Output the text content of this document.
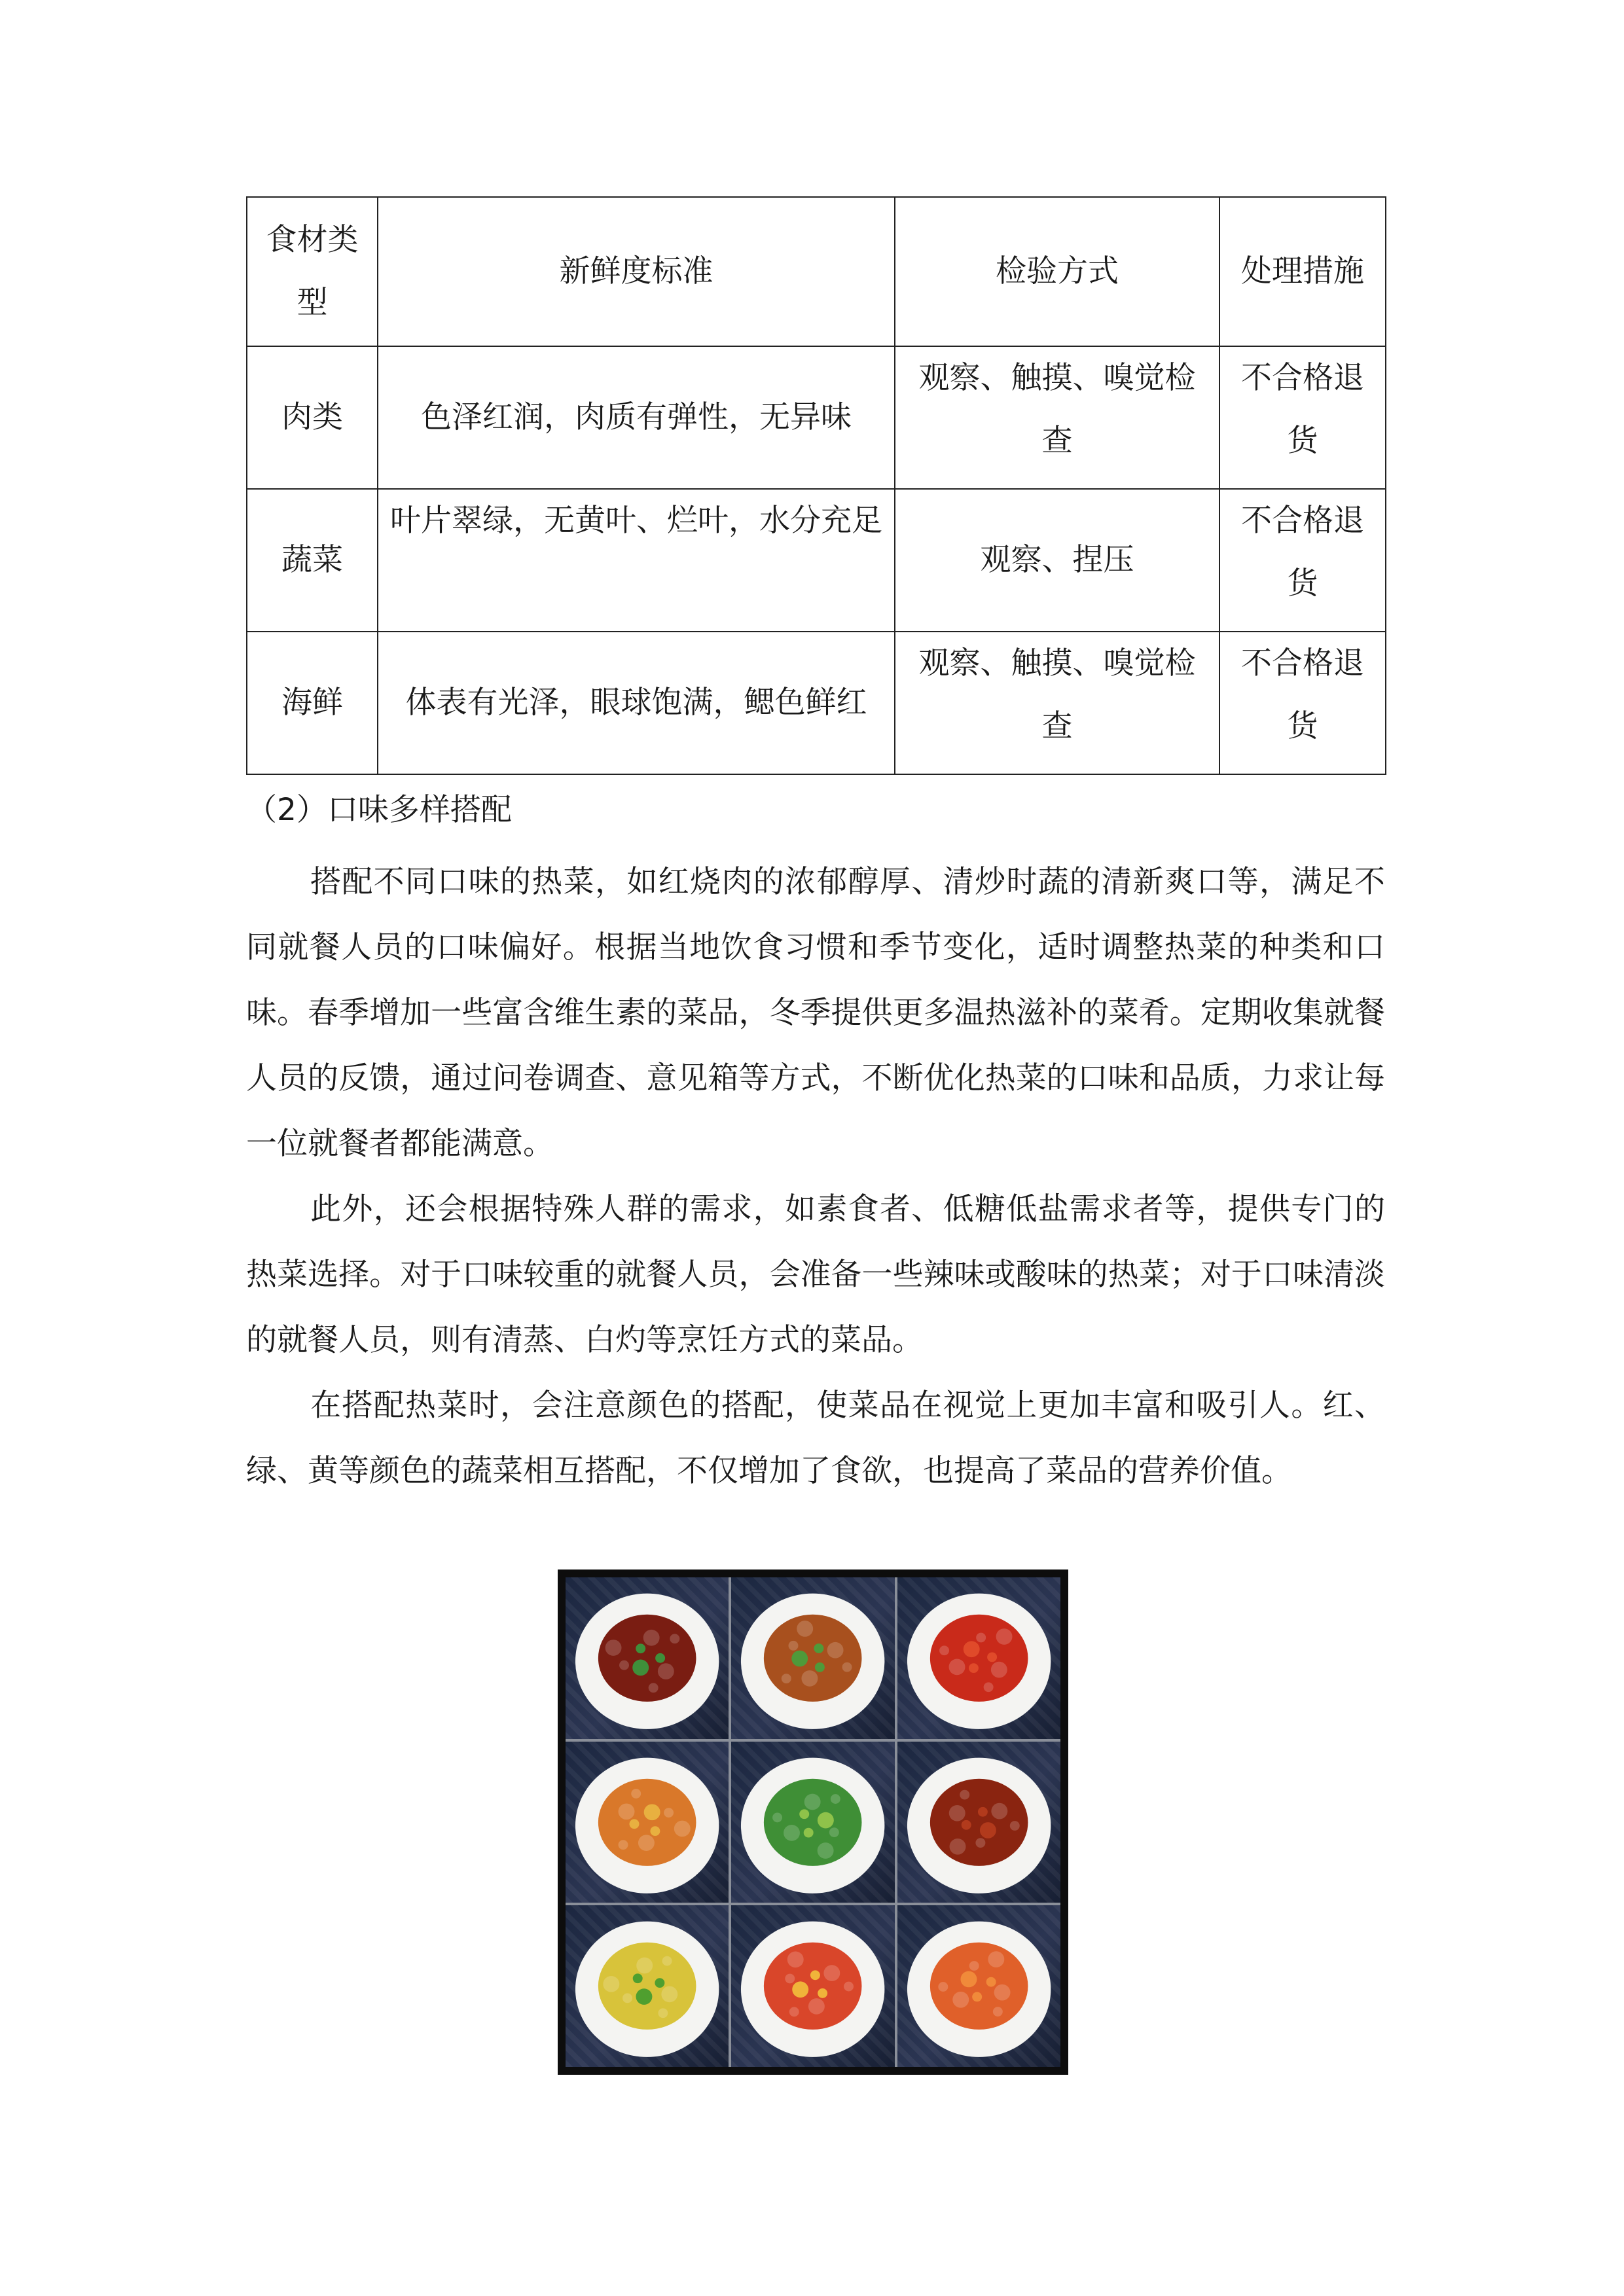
食材类型	新鲜度标准	检验方式	处理措施
肉类	色泽红润，肉质有弹性，无异味	观察、触摸、嗅觉检查	不合格退货
蔬菜	叶片翠绿，无黄叶、烂叶，水分充足	观察、捏压	不合格退货
海鲜	体表有光泽，眼球饱满，鳃色鲜红	观察、触摸、嗅觉检查	不合格退货
（2）口味多样搭配

搭配不同口味的热菜，如红烧肉的浓郁醇厚、清炒时蔬的清新爽口等，满足不同就餐人员的口味偏好。根据当地饮食习惯和季节变化，适时调整热菜的种类和口味。春季增加一些富含维生素的菜品，冬季提供更多温热滋补的菜肴。定期收集就餐人员的反馈，通过问卷调查、意见箱等方式，不断优化热菜的口味和品质，力求让每一位就餐者都能满意。

此外，还会根据特殊人群的需求，如素食者、低糖低盐需求者等，提供专门的热菜选择。对于口味较重的就餐人员，会准备一些辣味或酸味的热菜；对于口味清淡的就餐人员，则有清蒸、白灼等烹饪方式的菜品。

在搭配热菜时，会注意颜色的搭配，使菜品在视觉上更加丰富和吸引人。红、绿、黄等颜色的蔬菜相互搭配，不仅增加了食欲，也提高了菜品的营养价值。
